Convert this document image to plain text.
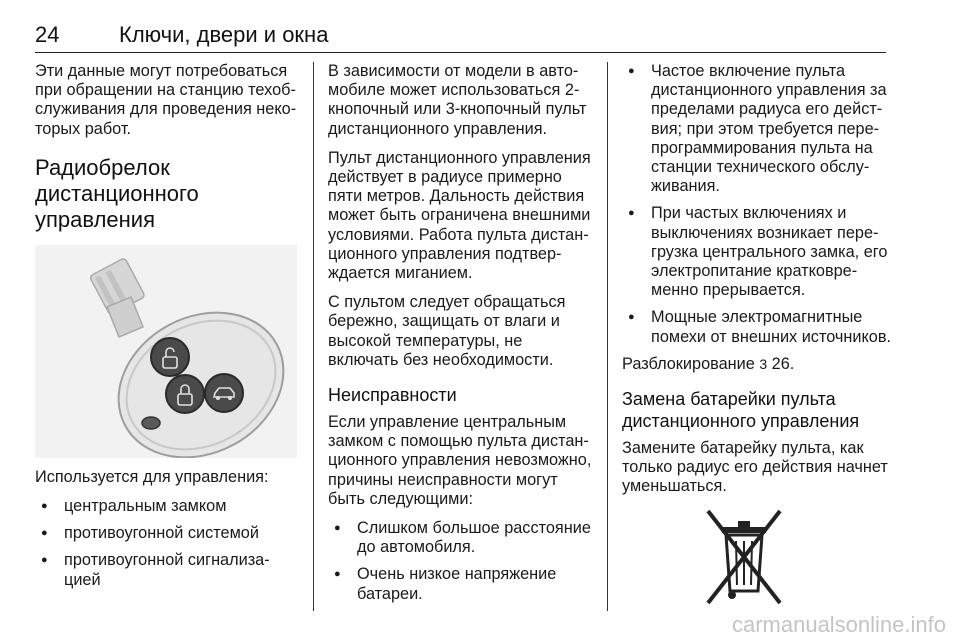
24	Ключи, двери и окна

Эти данные могут потребоваться при обращении на станцию техобслуживания для проведения некоторых работ.

Радиобрелок дистанционного управления

Используется для управления:

● центральным замком
● противоугонной системой
● противоугонной сигнализацией

В зависимости от модели в автомобиле может использоваться 2-кнопочный или 3-кнопочный пульт дистанционного управления.

Пульт дистанционного управления действует в радиусе примерно пяти метров. Дальность действия может быть ограничена внешними условиями. Работа пульта дистанционного управления подтверждается миганием.

С пультом следует обращаться бережно, защищать от влаги и высокой температуры, не включать без необходимости.

Неисправности

Если управление центральным замком с помощью пульта дистанционного управления невозможно, причины неисправности могут быть следующими:

● Слишком большое расстояние до автомобиля.
● Очень низкое напряжение батареи.
● Частое включение пульта дистанционного управления за пределами радиуса его действия; при этом требуется перепрограммирования пульта на станции технического обслуживания.
● При частых включениях и выключениях возникает перегрузка центрального замка, его электропитание кратковременно прерывается.
● Мощные электромагнитные помехи от внешних источников.

Разблокирование 3 26.

Замена батарейки пульта дистанционного управления

Замените батарейку пульта, как только радиус его действия начнет уменьшаться.

carmanualsonline.info
